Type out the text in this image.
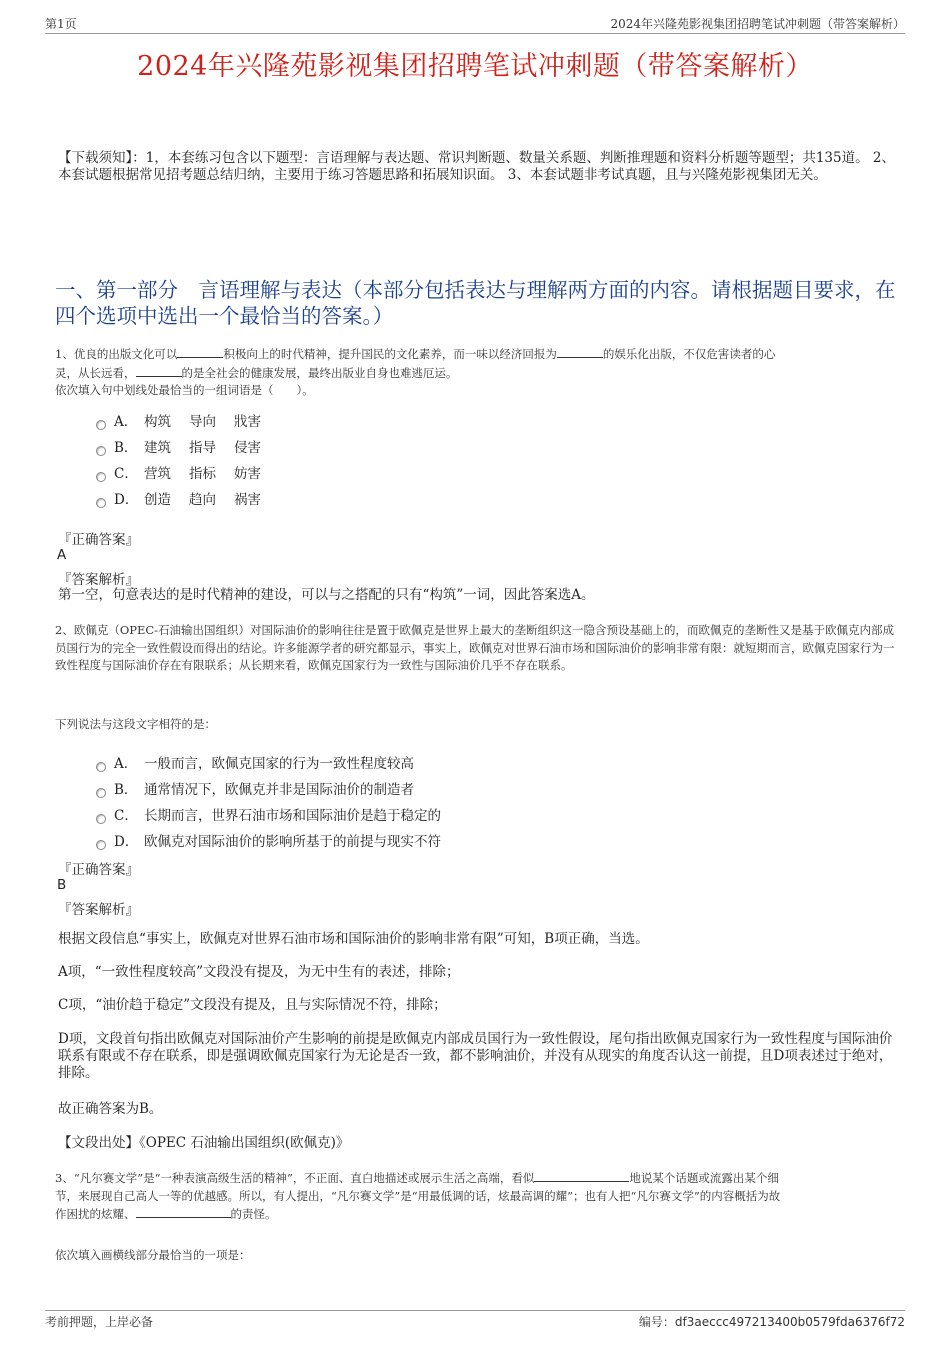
第1页	2024年兴隆苑影视集团招聘笔试冲刺题（带答案解析）
2024年兴隆苑影视集团招聘笔试冲刺题（带答案解析）
【下载须知】：1，本套练习包含以下题型：言语理解与表达题、常识判断题、数量关系题、判断推理题和资料分析题等题型；共135道。 2、本套试题根据常见招考题总结归纳，主要用于练习答题思路和拓展知识面。 3、本套试题非考试真题，且与兴隆苑影视集团无关。
一、第一部分　言语理解与表达（本部分包括表达与理解两方面的内容。请根据题目要求，在四个选项中选出一个最恰当的答案。）
1、优良的出版文化可以	积极向上的时代精神，提升国民的文化素养，而一味以经济回报为	的娱乐化出版，不仅危害读者的心
灵，从长远看，	的是全社会的健康发展，最终出版业自身也难逃厄运。
依次填入句中划线处最恰当的一组词语是（　　）。
A． 构筑 导向 戕害
B． 建筑 指导 侵害
C． 营筑 指标 妨害
D． 创造 趋向 祸害
『正确答案』
A
『答案解析』
第一空，句意表达的是时代精神的建设，可以与之搭配的只有“构筑”一词，因此答案选A。
2、欧佩克（OPEC-石油输出国组织）对国际油价的影响往往是置于欧佩克是世界上最大的垄断组织这一隐含预设基础上的，而欧佩克的垄断性又是基于欧佩克内部成员国行为的完全一致性假设而得出的结论。许多能源学者的研究都显示，事实上，欧佩克对世界石油市场和国际油价的影响非常有限：就短期而言，欧佩克国家行为一致性程度与国际油价存在有限联系；从长期来看，欧佩克国家行为一致性与国际油价几乎不存在联系。
下列说法与这段文字相符的是：
A． 一般而言，欧佩克国家的行为一致性程度较高
B． 通常情况下，欧佩克并非是国际油价的制造者
C． 长期而言，世界石油市场和国际油价是趋于稳定的
D． 欧佩克对国际油价的影响所基于的前提与现实不符
『正确答案』
B
『答案解析』
根据文段信息“事实上，欧佩克对世界石油市场和国际油价的影响非常有限”可知，B项正确，当选。
A项，“一致性程度较高”文段没有提及，为无中生有的表述，排除；
C项，“油价趋于稳定”文段没有提及，且与实际情况不符，排除；
D项，文段首句指出欧佩克对国际油价产生影响的前提是欧佩克内部成员国行为一致性假设，尾句指出欧佩克国家行为一致性程度与国际油价联系有限或不存在联系，即是强调欧佩克国家行为无论是否一致，都不影响油价，并没有从现实的角度否认这一前提，且D项表述过于绝对，排除。
故正确答案为B。
【文段出处】《OPEC 石油输出国组织(欧佩克)》
3、“凡尔赛文学”是“一种表演高级生活的精神”，不正面、直白地描述或展示生活之高端，看似	地说某个话题或流露出某个细
节，来展现自己高人一等的优越感。所以，有人提出，“凡尔赛文学”是“用最低调的话，炫最高调的耀”；也有人把“凡尔赛文学”的内容概括为故
作困扰的炫耀、	的责怪。
依次填入画横线部分最恰当的一项是：
考前押题，上岸必备	编号：df3aeccc497213400b0579fda6376f72
